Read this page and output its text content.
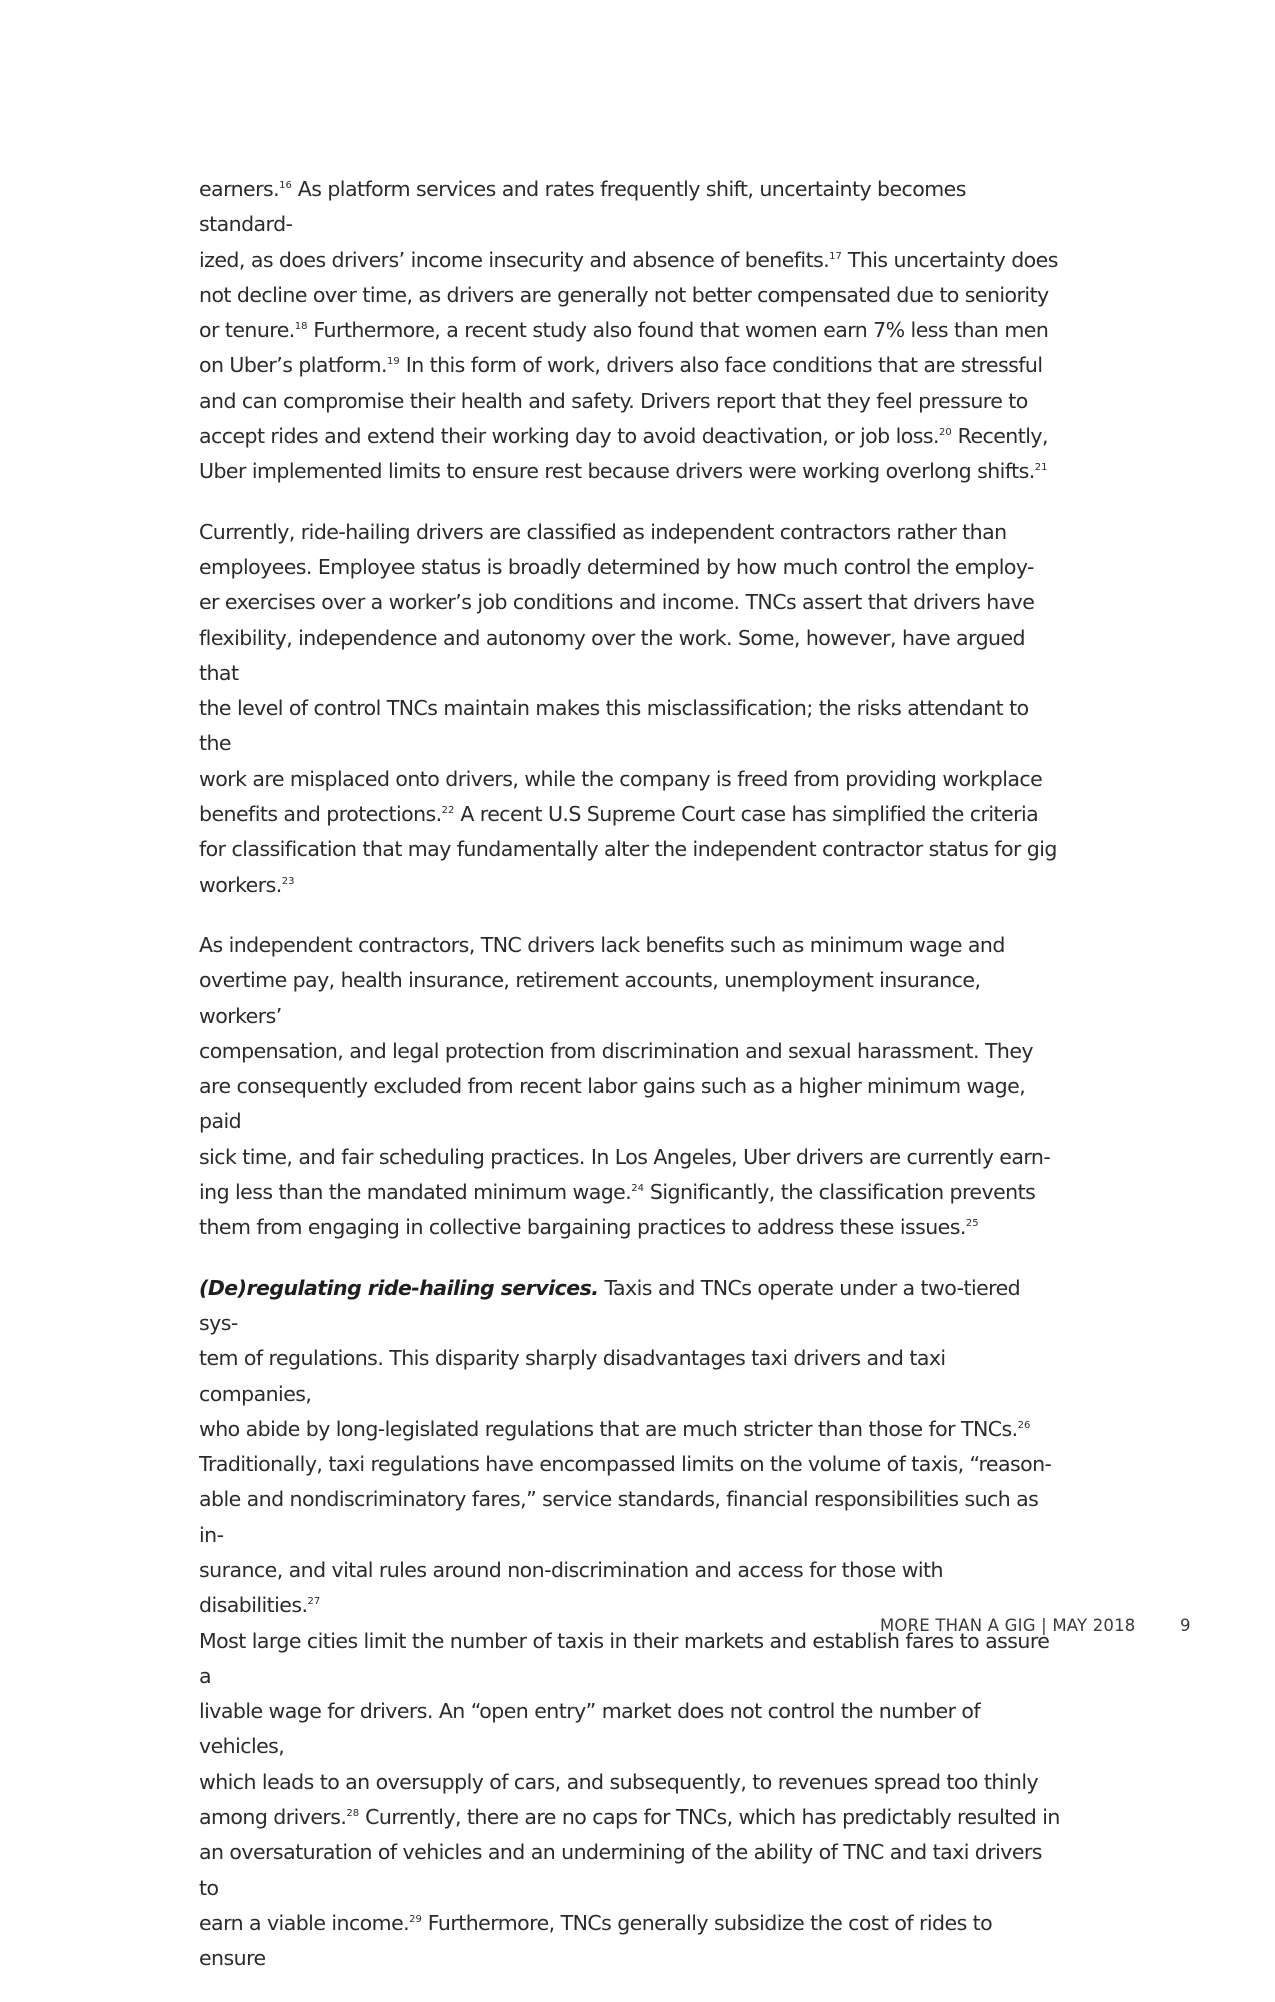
earners.$^{16}$ As platform services and rates frequently shift, uncertainty becomes standard-
ized, as does drivers’ income insecurity and absence of benefits.$^{17}$ This uncertainty does
not decline over time, as drivers are generally not better compensated due to seniority
or tenure.$^{18}$ Furthermore, a recent study also found that women earn 7% less than men
on Uber’s platform.$^{19}$ In this form of work, drivers also face conditions that are stressful
and can compromise their health and safety. Drivers report that they feel pressure to
accept rides and extend their working day to avoid deactivation, or job loss.$^{20}$ Recently,
Uber implemented limits to ensure rest because drivers were working overlong shifts.$^{21}$

Currently, ride-hailing drivers are classified as independent contractors rather than
employees. Employee status is broadly determined by how much control the employ-
er exercises over a worker’s job conditions and income. TNCs assert that drivers have
flexibility, independence and autonomy over the work. Some, however, have argued that
the level of control TNCs maintain makes this misclassification; the risks attendant to the
work are misplaced onto drivers, while the company is freed from providing workplace
benefits and protections.$^{22}$ A recent U.S Supreme Court case has simplified the criteria
for classification that may fundamentally alter the independent contractor status for gig
workers.$^{23}$

As independent contractors, TNC drivers lack benefits such as minimum wage and
overtime pay, health insurance, retirement accounts, unemployment insurance, workers’
compensation, and legal protection from discrimination and sexual harassment. They
are consequently excluded from recent labor gains such as a higher minimum wage, paid
sick time, and fair scheduling practices. In Los Angeles, Uber drivers are currently earn-
ing less than the mandated minimum wage.$^{24}$ Significantly, the classification prevents
them from engaging in collective bargaining practices to address these issues.$^{25}$

(De)regulating ride-hailing services. Taxis and TNCs operate under a two-tiered sys-
tem of regulations. This disparity sharply disadvantages taxi drivers and taxi companies,
who abide by long-legislated regulations that are much stricter than those for TNCs.$^{26}$
Traditionally, taxi regulations have encompassed limits on the volume of taxis, “reason-
able and nondiscriminatory fares,” service standards, financial responsibilities such as in-
surance, and vital rules around non-discrimination and access for those with disabilities.$^{27}$
Most large cities limit the number of taxis in their markets and establish fares to assure a
livable wage for drivers. An “open entry” market does not control the number of vehicles,
which leads to an oversupply of cars, and subsequently, to revenues spread too thinly
among drivers.$^{28}$ Currently, there are no caps for TNCs, which has predictably resulted in
an oversaturation of vehicles and an undermining of the ability of TNC and taxi drivers to
earn a viable income.$^{29}$ Furthermore, TNCs generally subsidize the cost of rides to ensure

MORE THAN A GIG | MAY 2018	9
